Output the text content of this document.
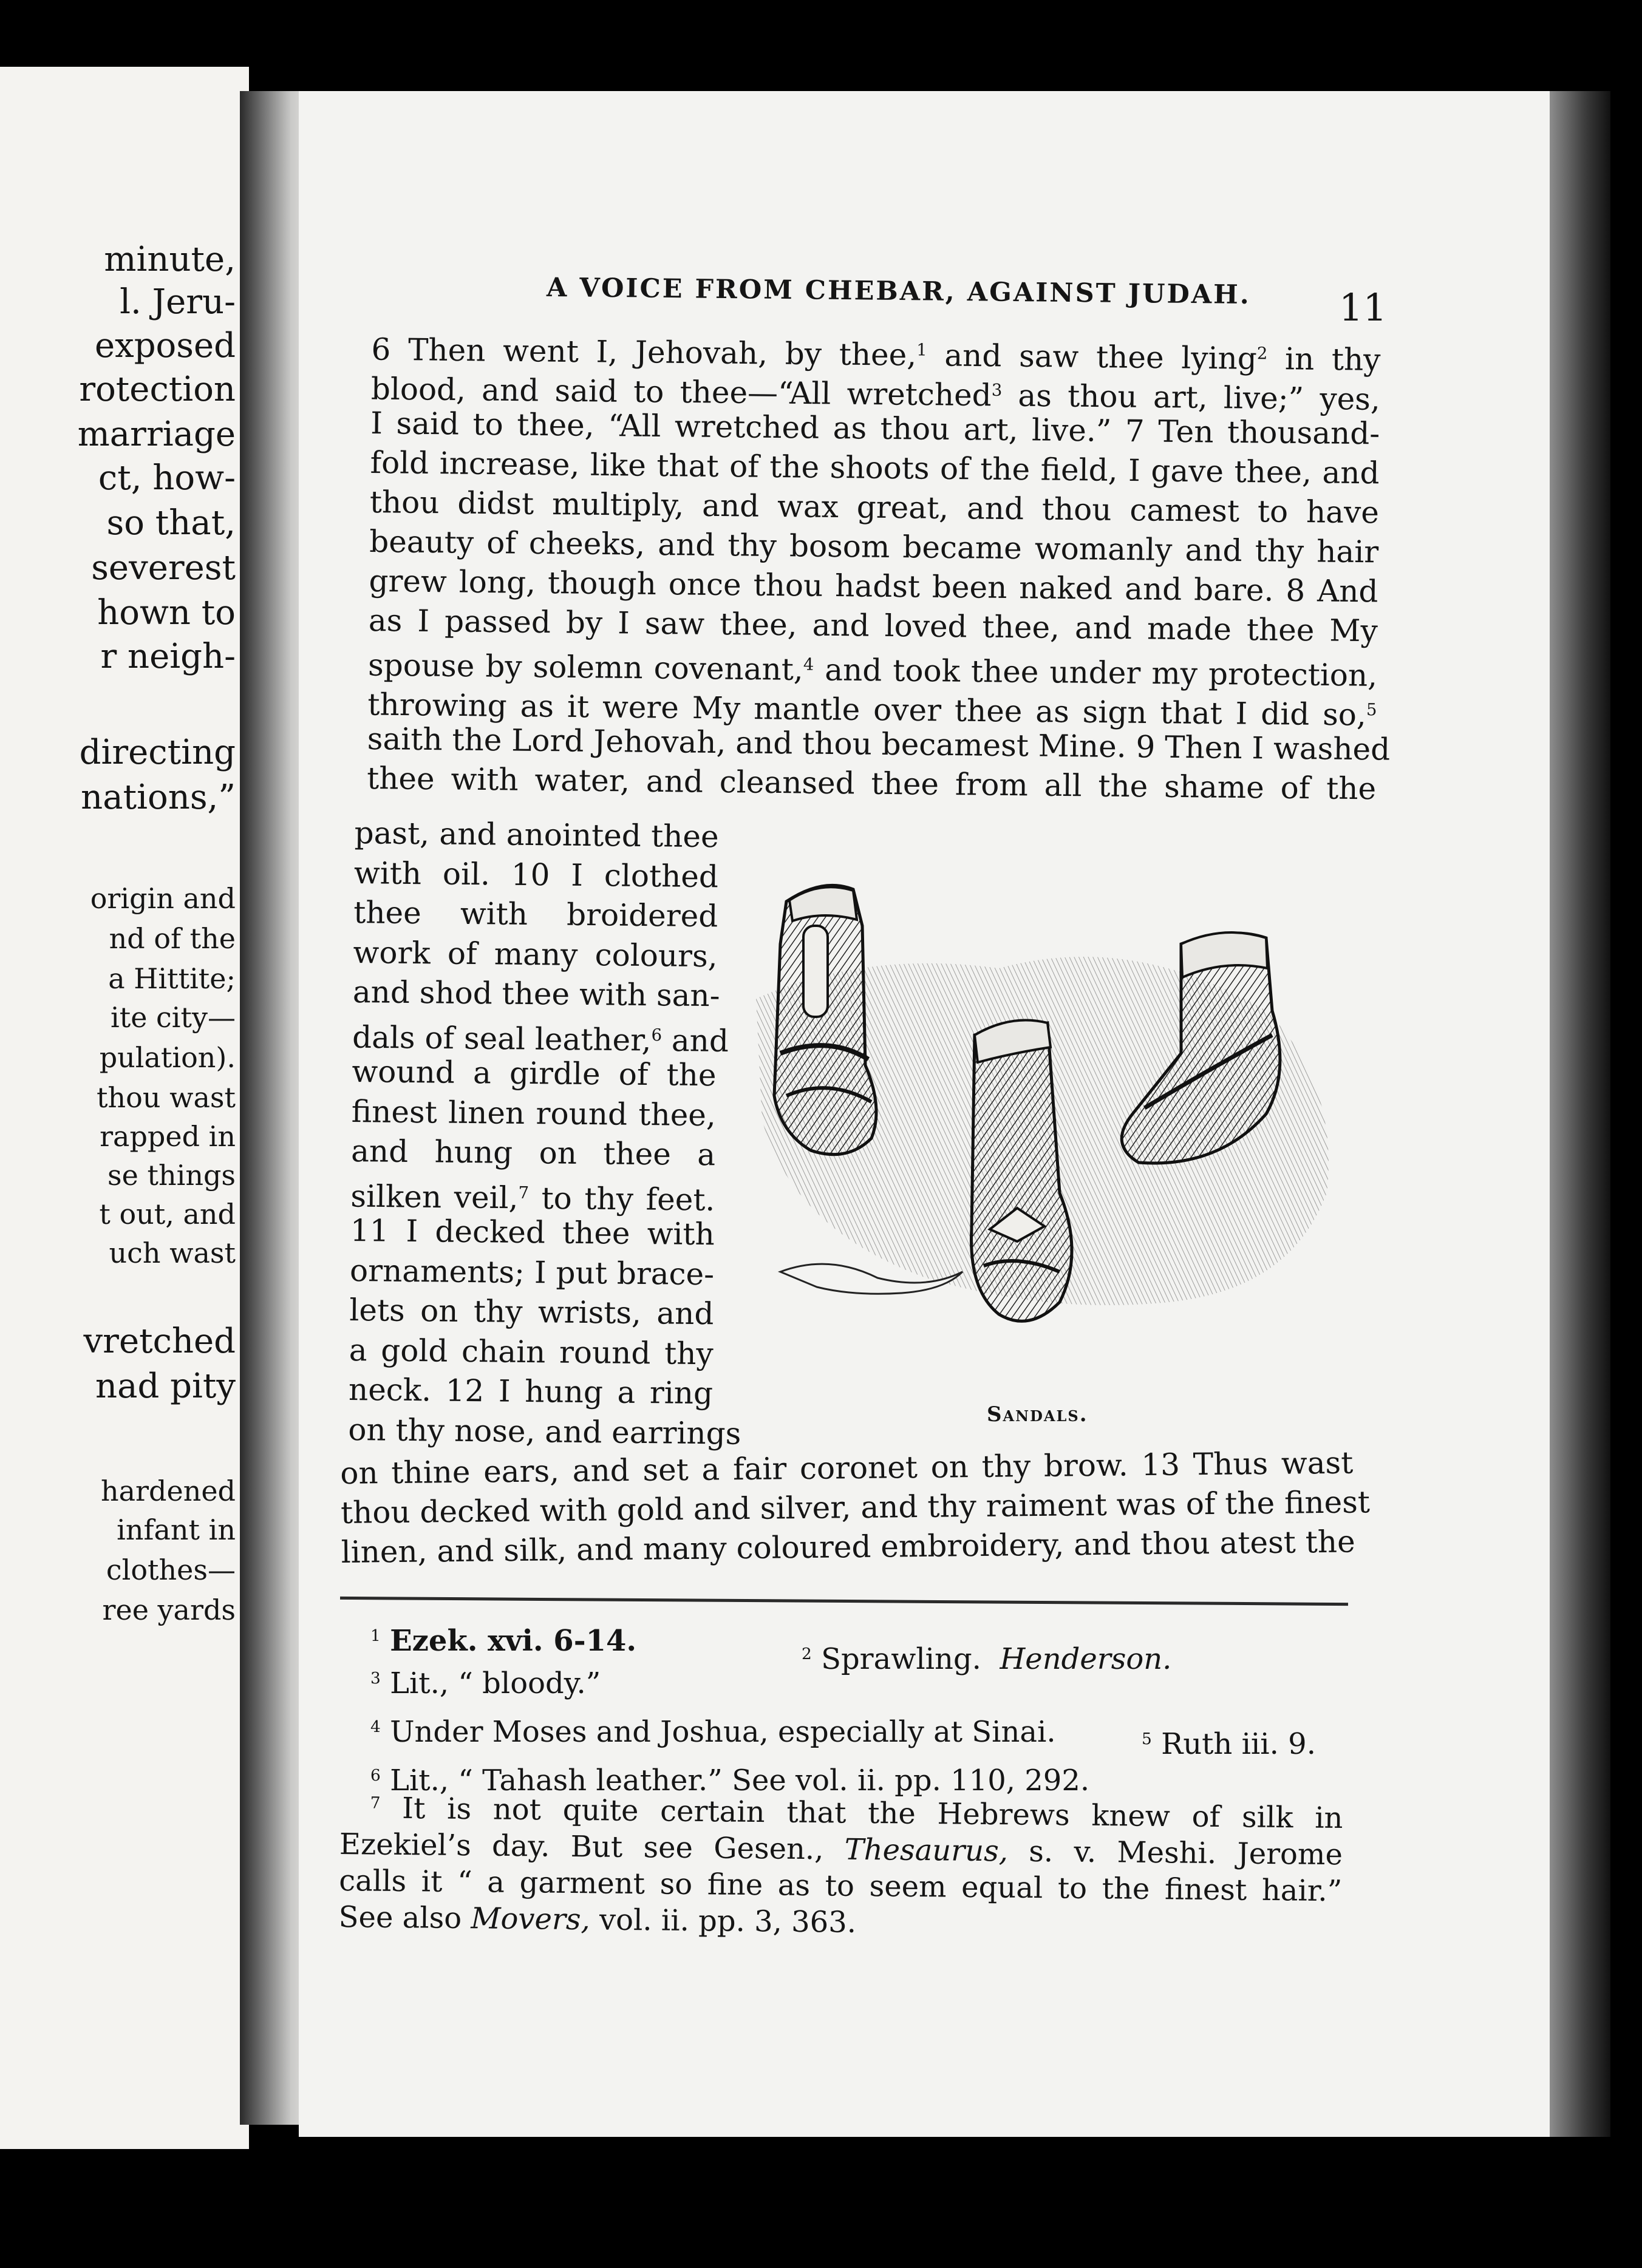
minute,

l. Jeru-

exposed

rotection

marriage

ct, how-

so that,

severest

hown to

r neigh-

directing

nations,”

origin and

nd of the

a Hittite;

ite city—

pulation).

thou wast

rapped in

se things

t out, and

uch wast

vretched

nad pity

hardened

infant in

clothes—

ree yards

A VOICE FROM CHEBAR, AGAINST JUDAH. 11

6 Then went I, Jehovah, by thee,$^1$ and saw thee lying$^2$ in thy

blood, and said to thee—“All wretched$^3$ as thou art, live;” yes,

I said to thee, “All wretched as thou art, live.” 7 Ten thousand-

fold increase, like that of the shoots of the field, I gave thee, and

thou didst multiply, and wax great, and thou camest to have

beauty of cheeks, and thy bosom became womanly and thy hair

grew long, though once thou hadst been naked and bare. 8 And

as I passed by I saw thee, and loved thee, and made thee My

spouse by solemn covenant,$^4$ and took thee under my protection,

throwing as it were My mantle over thee as sign that I did so,$^5$

saith the Lord Jehovah, and thou becamest Mine. 9 Then I washed

thee with water, and cleansed thee from all the shame of the

past, and anointed thee

with oil. 10 I clothed

thee with broidered

work of many colours,

and shod thee with san-

dals of seal leather,$^6$ and

wound a girdle of the

finest linen round thee,

and hung on thee a

silken veil,$^7$ to thy feet.

11 I decked thee with

ornaments; I put brace-

lets on thy wrists, and

a gold chain round thy

neck. 12 I hung a ring

on thy nose, and earrings	Sandals.

on thine ears, and set a fair coronet on thy brow. 13 Thus wast

thou decked with gold and silver, and thy raiment was of the finest

linen, and silk, and many coloured embroidery, and thou atest the

$^1$ Ezek. xvi. 6-14.	$^2$ Sprawling. Henderson.

$^3$ Lit., “ bloody.”

$^4$ Under Moses and Joshua, especially at Sinai.	$^5$ Ruth iii. 9.

$^6$ Lit., “ Tahash leather.” See vol. ii. pp. 110, 292.

$^7$ It is not quite certain that the Hebrews knew of silk in

Ezekiel’s day. But see Gesen., Thesaurus, s. v. Meshi. Jerome

calls it “ a garment so fine as to seem equal to the finest hair.”

See also Movers, vol. ii. pp. 3, 363.
